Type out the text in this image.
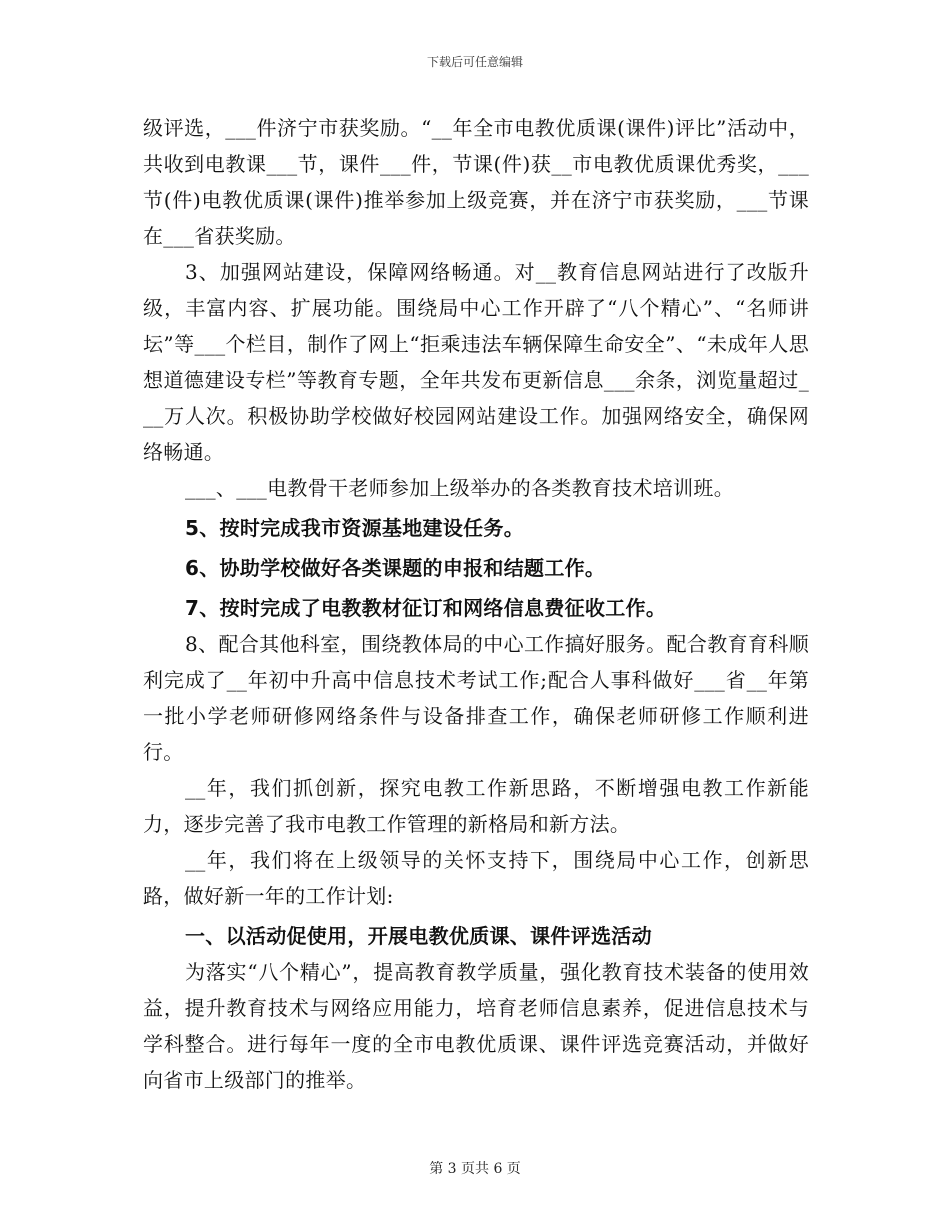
下载后可任意编辑

级评选，___件济宁市获奖励。“__年全市电教优质课(课件)评比”活动中，共收到电教课___节，课件___件，节课(件)获__市电教优质课优秀奖，___节(件)电教优质课(课件)推举参加上级竞赛，并在济宁市获奖励，___节课在___省获奖励。

3、加强网站建设，保障网络畅通。对__教育信息网站进行了改版升级，丰富内容、扩展功能。围绕局中心工作开辟了“八个精心”、“名师讲坛”等___个栏目，制作了网上“拒乘违法车辆保障生命安全”、“未成年人思想道德建设专栏”等教育专题，全年共发布更新信息___余条，浏览量超过___万人次。积极协助学校做好校园网站建设工作。加强网络安全，确保网络畅通。

___、___电教骨干老师参加上级举办的各类教育技术培训班。

5、按时完成我市资源基地建设任务。

6、协助学校做好各类课题的申报和结题工作。

7、按时完成了电教教材征订和网络信息费征收工作。

8、配合其他科室，围绕教体局的中心工作搞好服务。配合教育育科顺利完成了__年初中升高中信息技术考试工作;配合人事科做好___省__年第一批小学老师研修网络条件与设备排查工作，确保老师研修工作顺利进行。

__年，我们抓创新，探究电教工作新思路，不断增强电教工作新能力，逐步完善了我市电教工作管理的新格局和新方法。

__年，我们将在上级领导的关怀支持下，围绕局中心工作，创新思路，做好新一年的工作计划:

一、以活动促使用，开展电教优质课、课件评选活动

为落实“八个精心”，提高教育教学质量，强化教育技术装备的使用效益，提升教育技术与网络应用能力，培育老师信息素养，促进信息技术与学科整合。进行每年一度的全市电教优质课、课件评选竞赛活动，并做好向省市上级部门的推举。

第 3 页共 6 页
